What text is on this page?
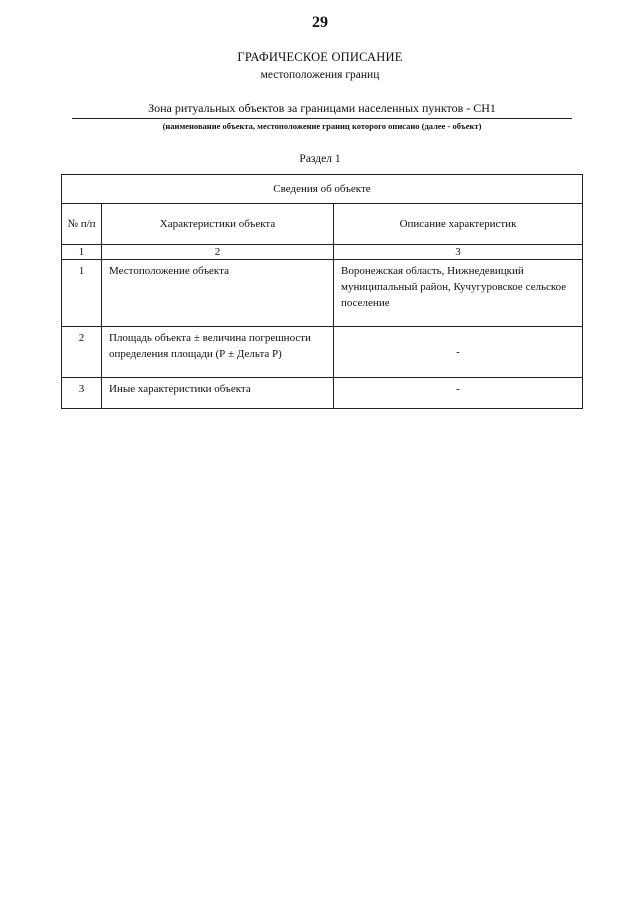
29
ГРАФИЧЕСКОЕ ОПИСАНИЕ
местоположения границ
Зона ритуальных объектов за границами населенных пунктов - СН1
(наименование объекта, местоположение границ которого описано (далее - объект)
Раздел 1
Сведения об объекте		
№ п/п	Характеристики объекта	Описание характеристик
1	2	3
1	Местоположение объекта	Воронежская область, Нижнедевицкий муниципальный район, Кучугуровское сельское поселение
2	Площадь объекта ± величина погрешности определения площади (Р ± Дельта Р)	-
3	Иные характеристики объекта	-
